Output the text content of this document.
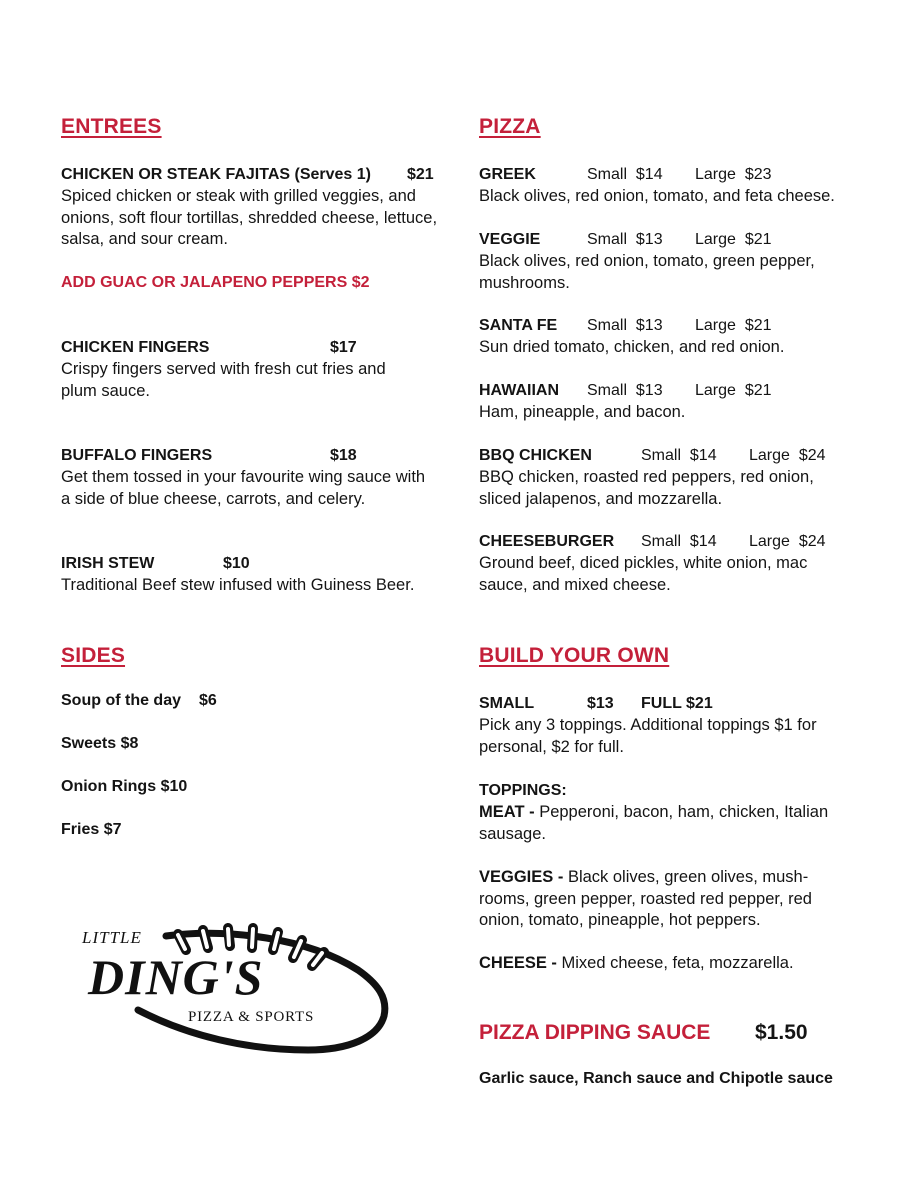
ENTREES
CHICKEN OR STEAK FAJITAS (Serves 1) $21
Spiced chicken or steak with grilled veggies, and onions, soft flour tortillas, shredded cheese, lettuce, salsa, and sour cream.
ADD GUAC OR JALAPENO PEPPERS $2
CHICKEN FINGERS	$17
Crispy fingers served with fresh cut fries and plum sauce.
BUFFALO FINGERS	$18
Get them tossed in your favourite wing sauce with a side of blue cheese, carrots, and celery.
IRISH STEW	$10
Traditional Beef stew infused with Guiness Beer.
SIDES
Soup of the day $6
Sweets $8
Onion Rings $10
Fries $7
LITTLE
DING'S
PIZZA & SPORTS
PIZZA
GREEK	Small $14 Large $23
Black olives, red onion, tomato, and feta cheese.
VEGGIE	Small $13 Large $21
Black olives, red onion, tomato, green pepper, mushrooms.
SANTA FE Small $13 Large $21
Sun dried tomato, chicken, and red onion.
HAWAIIAN Small $13 Large $21
Ham, pineapple, and bacon.
BBQ CHICKEN	Small $14 Large $24
BBQ chicken, roasted red peppers, red onion, sliced jalapenos, and mozzarella.
CHEESEBURGER Small $14 Large $24
Ground beef, diced pickles, white onion, mac sauce, and mixed cheese.
BUILD YOUR OWN
SMALL	$13 FULL $21
Pick any 3 toppings. Additional toppings $1 for personal, $2 for full.
TOPPINGS:
MEAT - Pepperoni, bacon, ham, chicken, Italian sausage.
VEGGIES - Black olives, green olives, mush-rooms, green pepper, roasted red pepper, red onion, tomato, pineapple, hot peppers.
CHEESE - Mixed cheese, feta, mozzarella.
PIZZA DIPPING SAUCE $1.50
Garlic sauce, Ranch sauce and Chipotle sauce
